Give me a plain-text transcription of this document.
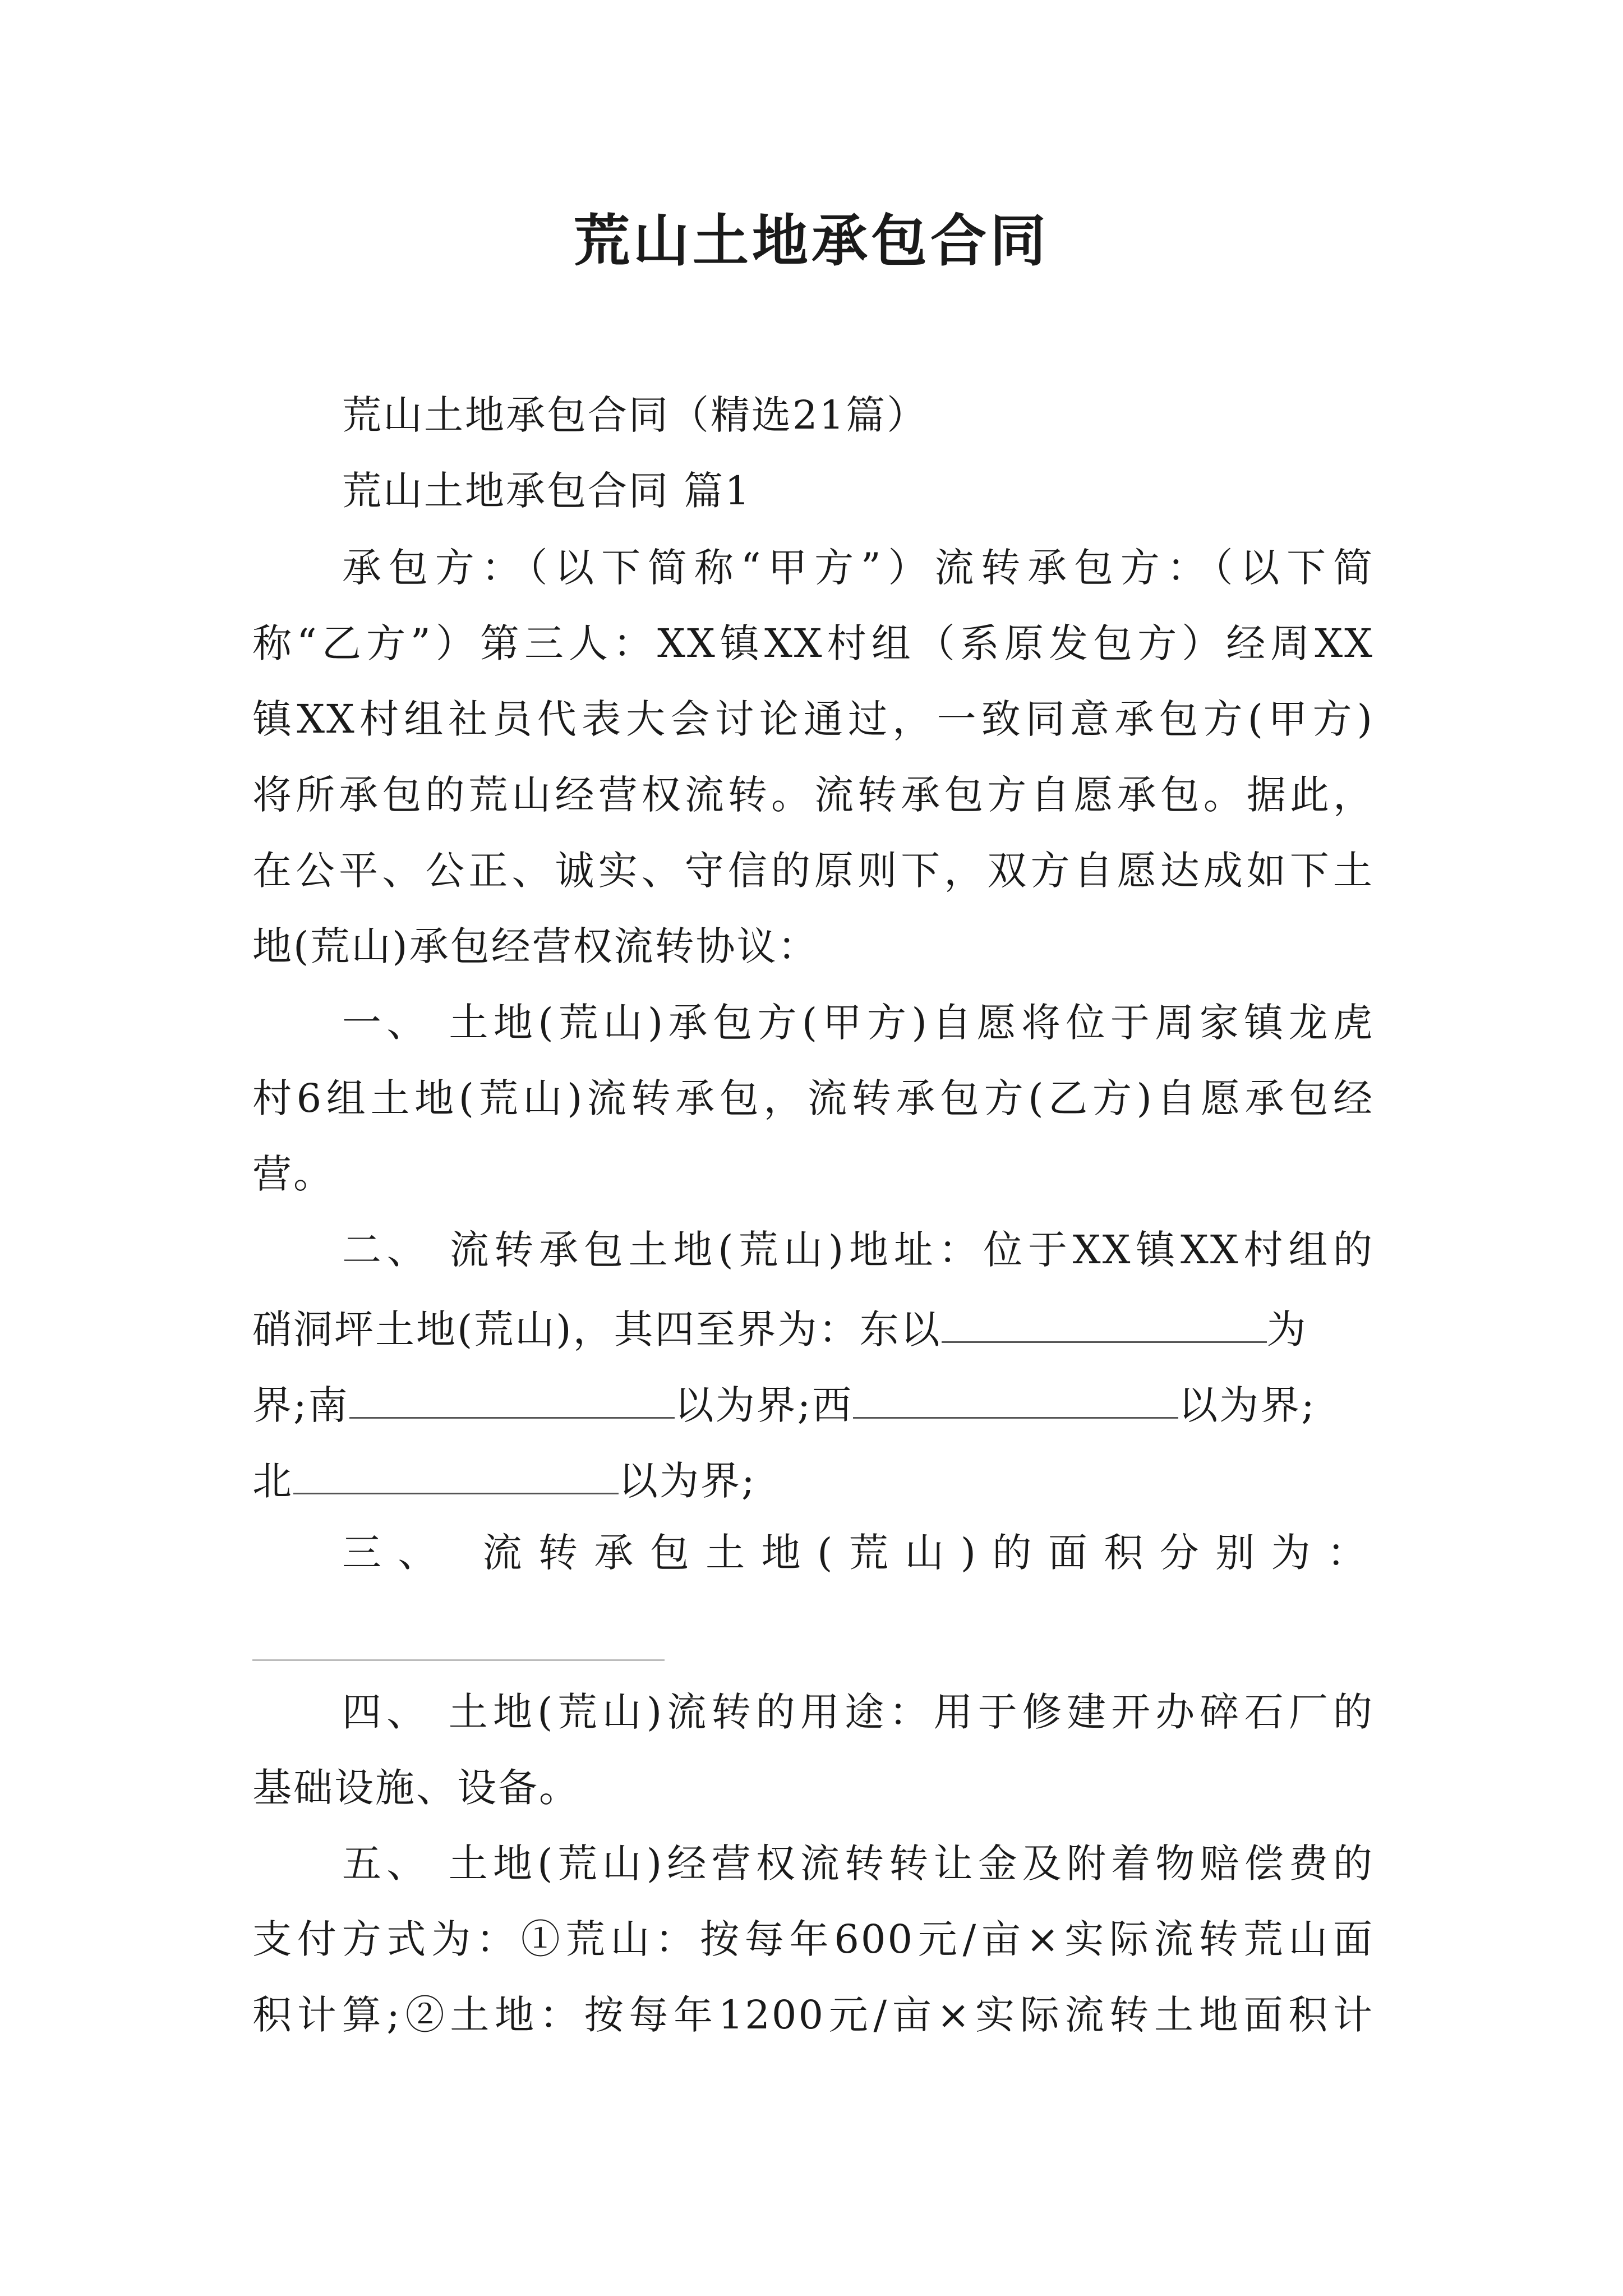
荒山土地承包合同
荒山土地承包合同（精选21篇）
荒山土地承包合同 篇1
承包方：（以下简称“甲方”）流转承包方：（以下简
称“乙方”）第三人：XX镇XX村组（系原发包方）经周XX
镇XX村组社员代表大会讨论通过，一致同意承包方(甲方)
将所承包的荒山经营权流转。流转承包方自愿承包。据此，
在公平、公正、诚实、守信的原则下，双方自愿达成如下土
地(荒山)承包经营权流转协议：
一、 土地(荒山)承包方(甲方)自愿将位于周家镇龙虎
村6组土地(荒山)流转承包，流转承包方(乙方)自愿承包经
营。
二、 流转承包土地(荒山)地址：位于XX镇XX村组的
硝洞坪土地(荒山)，其四至界为：东以	为
界;南	以为界;西	以为界;
北	以为界;
三、 流转承包土地(荒山)的面积分别为：
四、 土地(荒山)流转的用途：用于修建开办碎石厂的
基础设施、设备。
五、 土地(荒山)经营权流转转让金及附着物赔偿费的
支付方式为：①荒山：按每年600元/亩×实际流转荒山面
积计算;②土地：按每年1200元/亩×实际流转土地面积计
